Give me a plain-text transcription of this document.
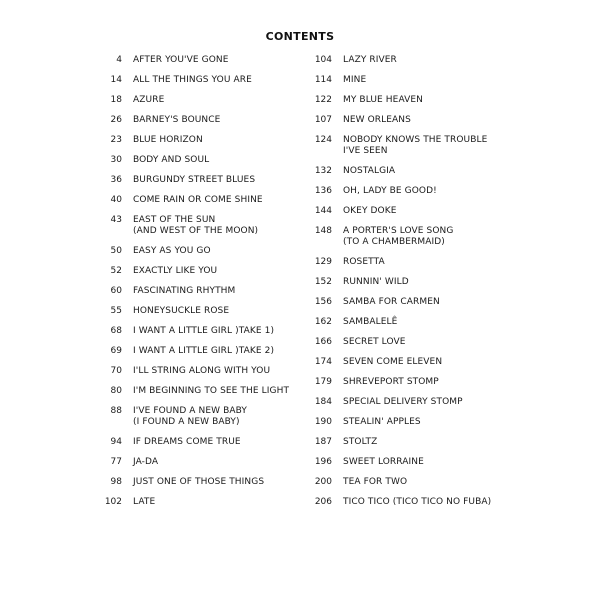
CONTENTS
4 AFTER YOU'VE GONE
14 ALL THE THINGS YOU ARE
18 AZURE
26 BARNEY'S BOUNCE
23 BLUE HORIZON
30 BODY AND SOUL
36 BURGUNDY STREET BLUES
40 COME RAIN OR COME SHINE
43 EAST OF THE SUN
(AND WEST OF THE MOON)
50 EASY AS YOU GO
52 EXACTLY LIKE YOU
60 FASCINATING RHYTHM
55 HONEYSUCKLE ROSE
68 I WANT A LITTLE GIRL )TAKE 1)
69 I WANT A LITTLE GIRL )TAKE 2)
70 I'LL STRING ALONG WITH YOU
80 I'M BEGINNING TO SEE THE LIGHT
88 I'VE FOUND A NEW BABY
(I FOUND A NEW BABY)
94 IF DREAMS COME TRUE
77 JA-DA
98 JUST ONE OF THOSE THINGS
102 LATE
104 LAZY RIVER
114 MINE
122 MY BLUE HEAVEN
107 NEW ORLEANS
124 NOBODY KNOWS THE TROUBLE
I'VE SEEN
132 NOSTALGIA
136 OH, LADY BE GOOD!
144 OKEY DOKE
148 A PORTER'S LOVE SONG
(TO A CHAMBERMAID)
129 ROSETTA
152 RUNNIN' WILD
156 SAMBA FOR CARMEN
162 SAMBALELÊ
166 SECRET LOVE
174 SEVEN COME ELEVEN
179 SHREVEPORT STOMP
184 SPECIAL DELIVERY STOMP
190 STEALIN' APPLES
187 STOLTZ
196 SWEET LORRAINE
200 TEA FOR TWO
206 TICO TICO (TICO TICO NO FUBA)
